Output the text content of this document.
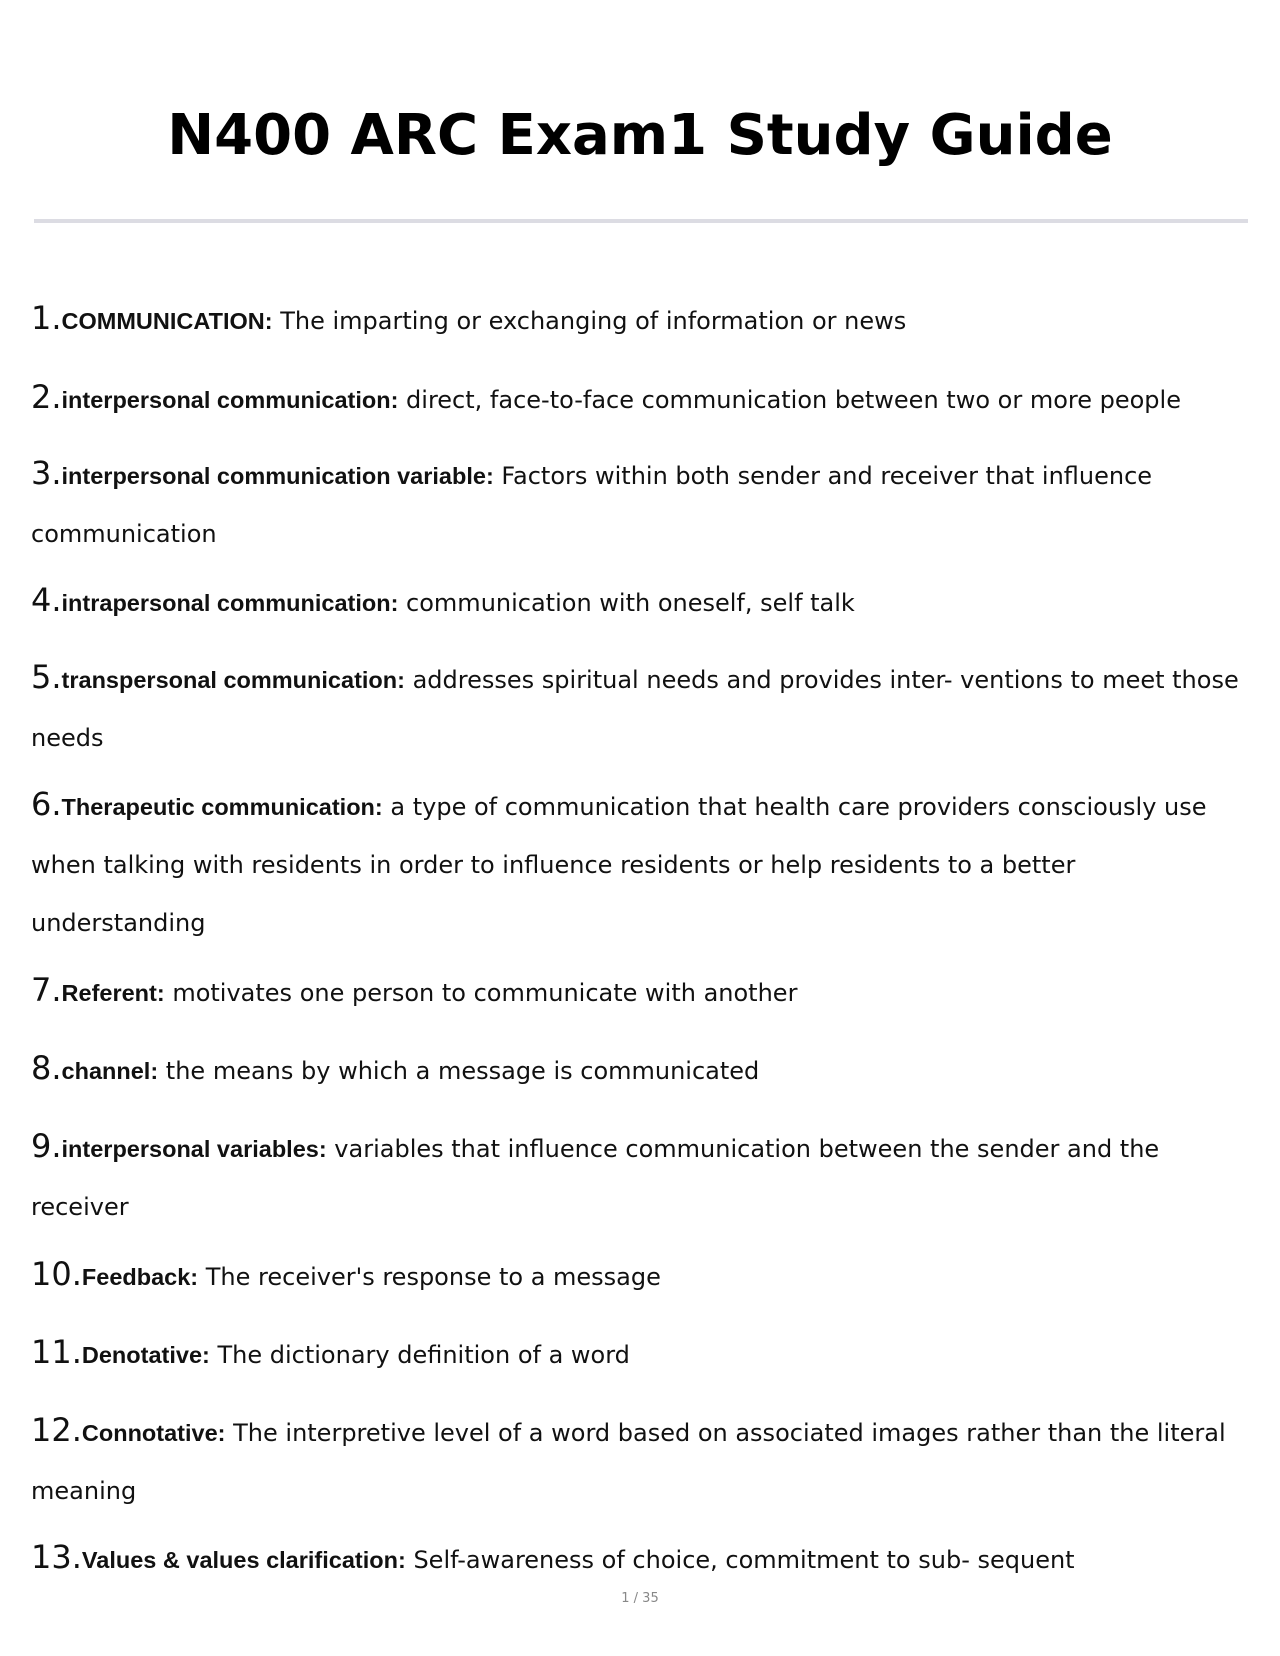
N400 ARC Exam1 Study Guide

1.COMMUNICATION: The imparting or exchanging of information or news

2.interpersonal communication: direct, face-to-face communication between two or more people

3.interpersonal communication variable: Factors within both sender and receiver that influence communication

4.intrapersonal communication: communication with oneself, self talk

5.transpersonal communication: addresses spiritual needs and provides inter- ventions to meet those needs

6.Therapeutic communication: a type of communication that health care providers consciously use when talking with residents in order to influence residents or help residents to a better understanding

7.Referent: motivates one person to communicate with another

8.channel: the means by which a message is communicated

9.interpersonal variables: variables that influence communication between the sender and the receiver

10.Feedback: The receiver's response to a message

11.Denotative: The dictionary definition of a word

12.Connotative: The interpretive level of a word based on associated images rather than the literal meaning

13.Values & values clarification: Self-awareness of choice, commitment to sub- sequent

1 / 35
